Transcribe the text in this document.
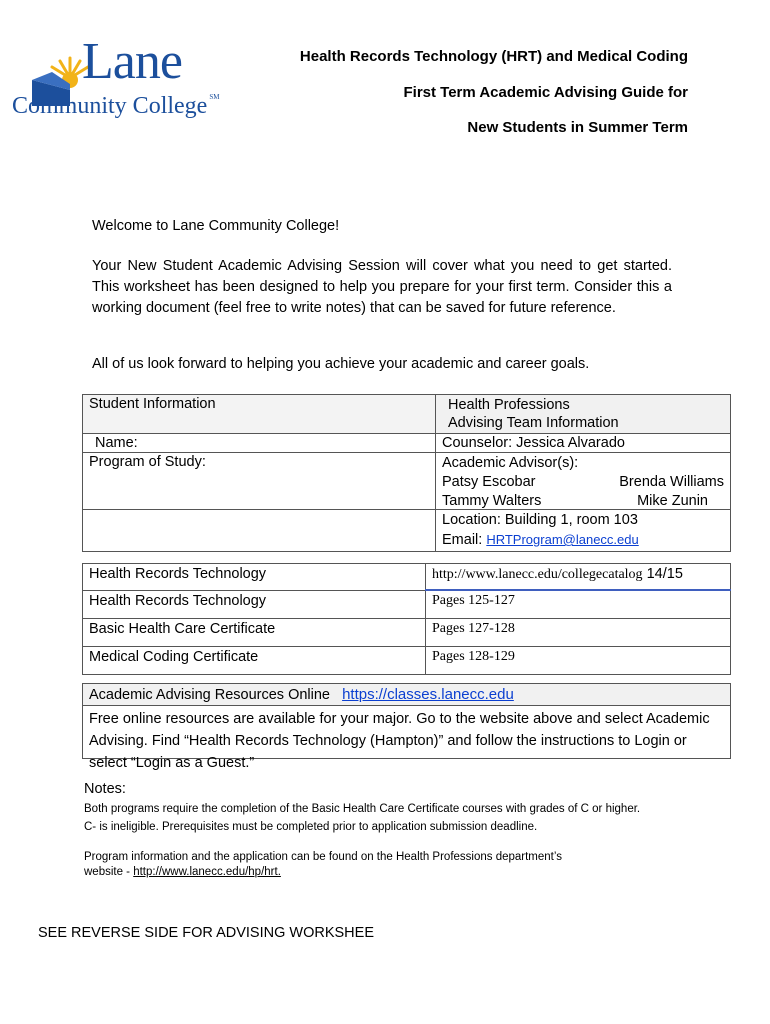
Lane
Community College ℠
Health Records Technology (HRT) and Medical Coding
First Term Academic Advising Guide for
New Students in Summer Term
Welcome to Lane Community College!
Your New Student Academic Advising Session will cover what you need to get started. This worksheet has been designed to help you prepare for your first term. Consider this a working document (feel free to write notes) that can be saved for future reference.
All of us look forward to helping you achieve your academic and career goals.
Student Information	Health Professions
Advising Team Information

Name:	Counselor: Jessica Alvarado
Program of Study:	Academic Advisor(s):
Patsy Escobar Brenda Williams
Tammy Walters Mike Zunin

	Location: Building 1, room 103
Email: HRTProgram@lanecc.edu
Health Records Technology	http://www.lanecc.edu/collegecatalog 14/15
Health Records Technology	Pages 125-127
Basic Health Care Certificate	Pages 127-128
Medical Coding Certificate	Pages 128-129
Academic Advising Resources Online https://classes.lanecc.edu

Free online resources are available for your major. Go to the website above and select Academic Advising. Find “Health Records Technology (Hampton)” and follow the instructions to Login or select “Login as a Guest.”
Notes:
Both programs require the completion of the Basic Health Care Certificate courses with grades of C or higher.
C- is ineligible. Prerequisites must be completed prior to application submission deadline.
Program information and the application can be found on the Health Professions department’s
website - http://www.lanecc.edu/hp/hrt.
SEE REVERSE SIDE FOR ADVISING WORKSHEE
